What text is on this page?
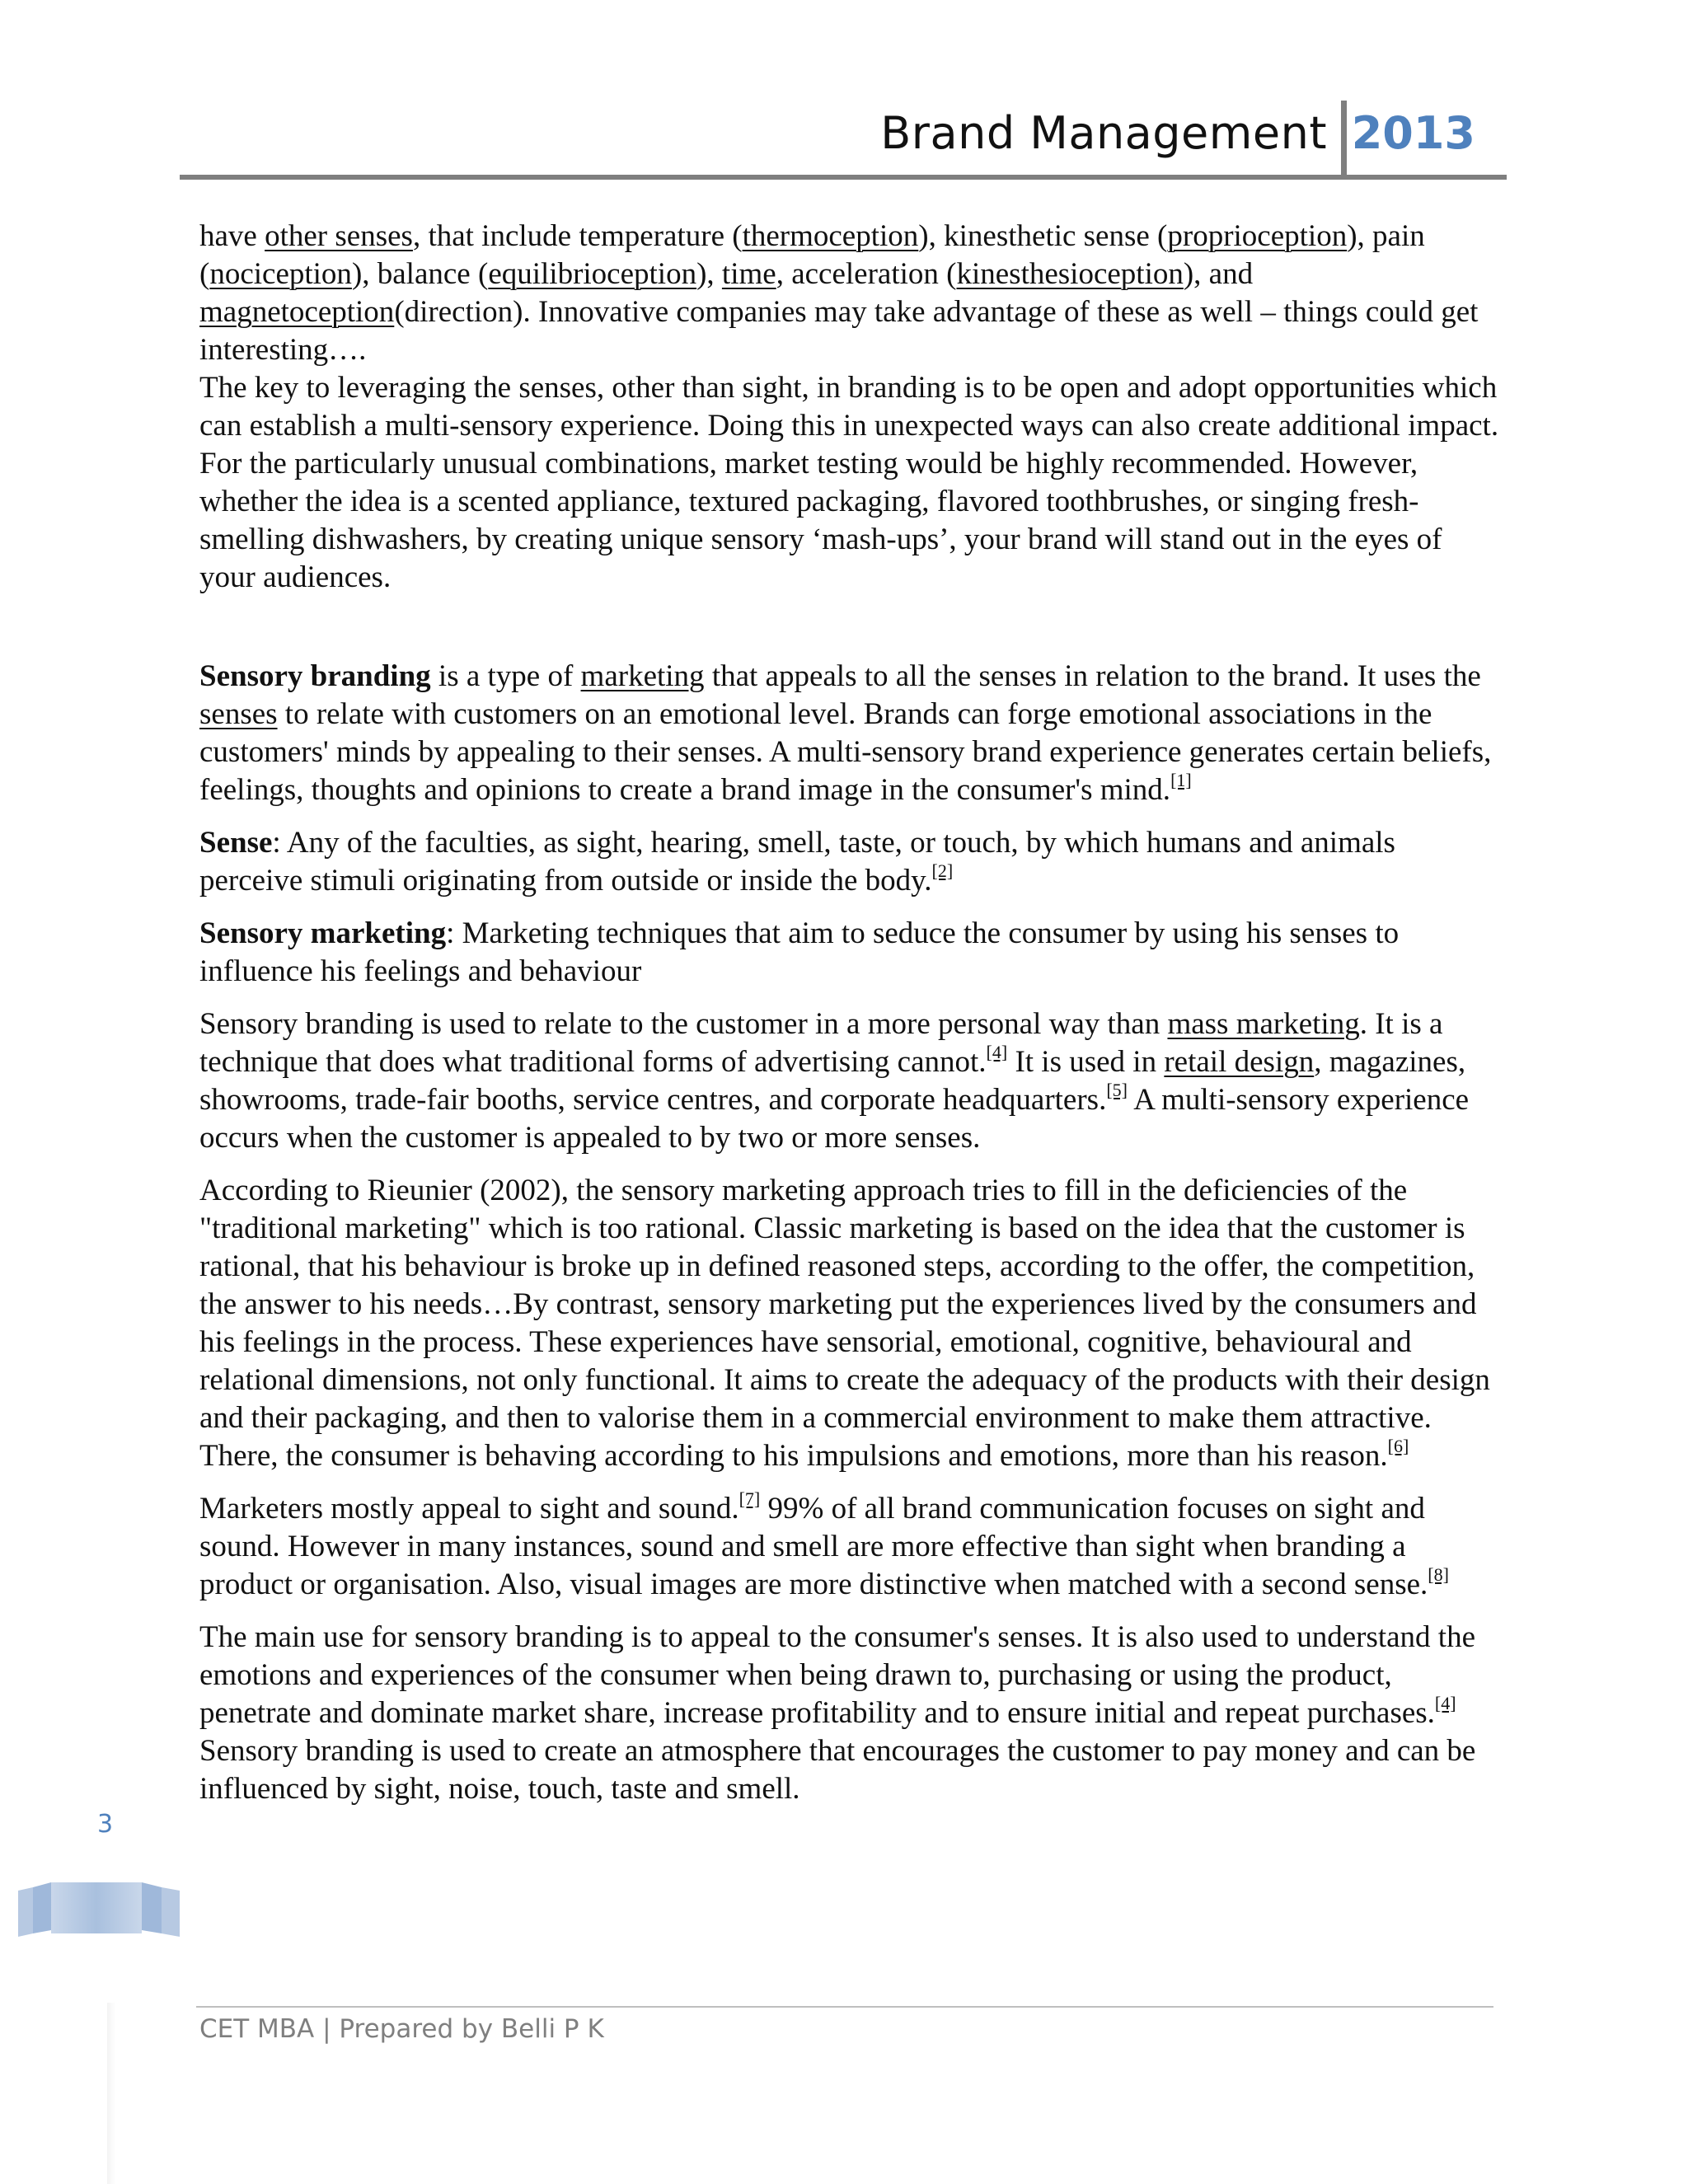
Brand Management 2013

have other senses, that include temperature (thermoception), kinesthetic sense (proprioception), pain (nociception), balance (equilibrioception), time, acceleration (kinesthesioception), and magnetoception(direction). Innovative companies may take advantage of these as well – things could get interesting….

The key to leveraging the senses, other than sight, in branding is to be open and adopt opportunities which can establish a multi-sensory experience. Doing this in unexpected ways can also create additional impact. For the particularly unusual combinations, market testing would be highly recommended. However, whether the idea is a scented appliance, textured packaging, flavored toothbrushes, or singing fresh-smelling dishwashers, by creating unique sensory ‘mash-ups’, your brand will stand out in the eyes of your audiences.

Sensory branding is a type of marketing that appeals to all the senses in relation to the brand. It uses the senses to relate with customers on an emotional level. Brands can forge emotional associations in the customers' minds by appealing to their senses. A multi-sensory brand experience generates certain beliefs, feelings, thoughts and opinions to create a brand image in the consumer's mind.[1]

Sense: Any of the faculties, as sight, hearing, smell, taste, or touch, by which humans and animals perceive stimuli originating from outside or inside the body.[2]

Sensory marketing: Marketing techniques that aim to seduce the consumer by using his senses to influence his feelings and behaviour

Sensory branding is used to relate to the customer in a more personal way than mass marketing. It is a technique that does what traditional forms of advertising cannot.[4] It is used in retail design, magazines, showrooms, trade-fair booths, service centres, and corporate headquarters.[5] A multi-sensory experience occurs when the customer is appealed to by two or more senses.

According to Rieunier (2002), the sensory marketing approach tries to fill in the deficiencies of the "traditional marketing" which is too rational. Classic marketing is based on the idea that the customer is rational, that his behaviour is broke up in defined reasoned steps, according to the offer, the competition, the answer to his needs…By contrast, sensory marketing put the experiences lived by the consumers and his feelings in the process. These experiences have sensorial, emotional, cognitive, behavioural and relational dimensions, not only functional. It aims to create the adequacy of the products with their design and their packaging, and then to valorise them in a commercial environment to make them attractive. There, the consumer is behaving according to his impulsions and emotions, more than his reason.[6]

Marketers mostly appeal to sight and sound.[7] 99% of all brand communication focuses on sight and sound. However in many instances, sound and smell are more effective than sight when branding a product or organisation. Also, visual images are more distinctive when matched with a second sense.[8]

The main use for sensory branding is to appeal to the consumer's senses. It is also used to understand the emotions and experiences of the consumer when being drawn to, purchasing or using the product, penetrate and dominate market share, increase profitability and to ensure initial and repeat purchases.[4] Sensory branding is used to create an atmosphere that encourages the customer to pay money and can be influenced by sight, noise, touch, taste and smell.

3
CET MBA | Prepared by Belli P K
